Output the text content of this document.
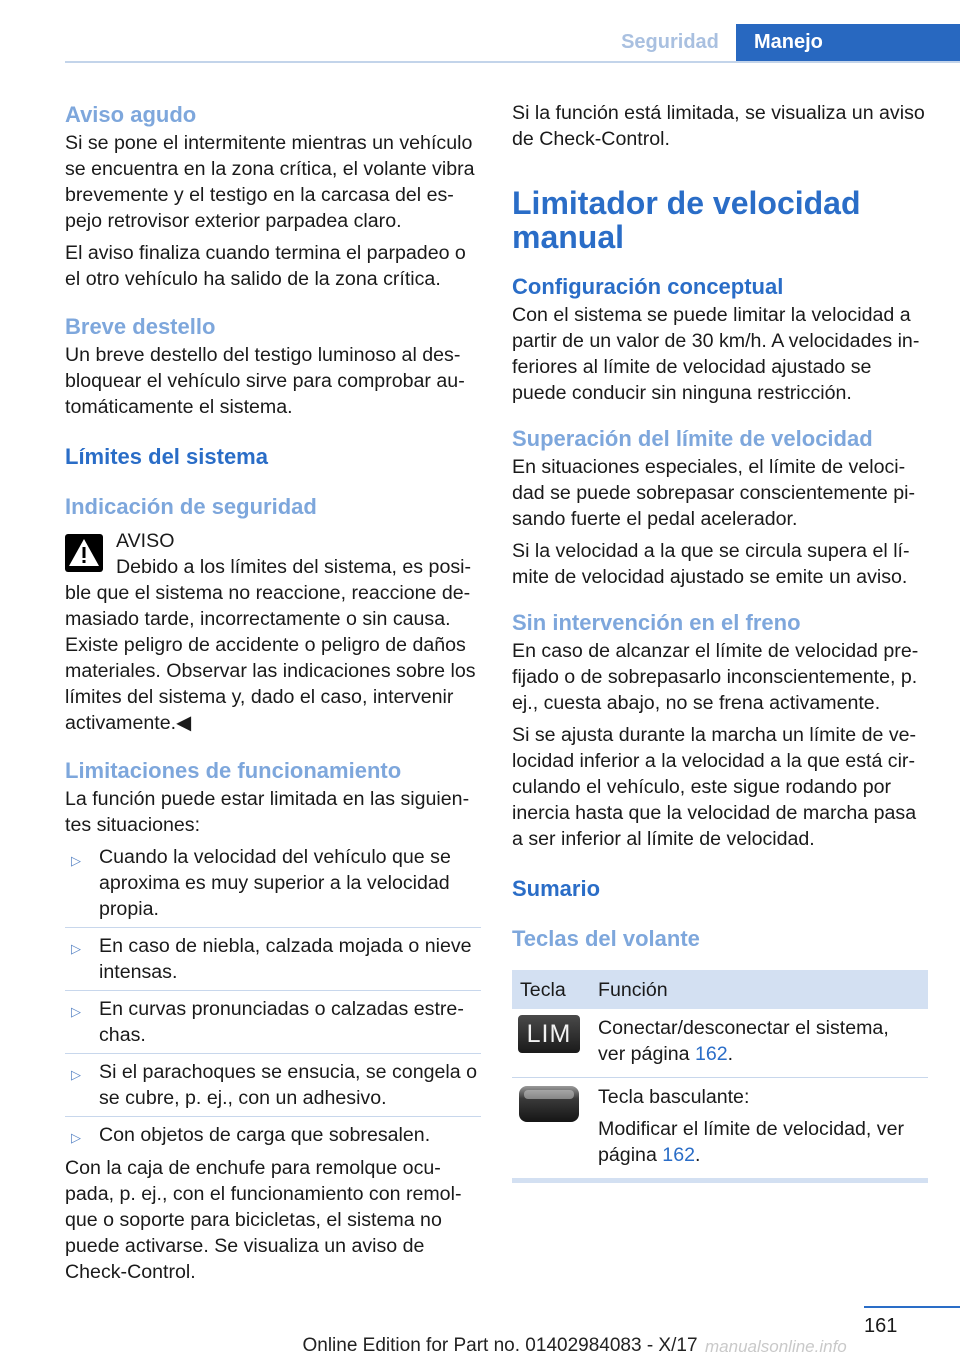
Seguridad	Manejo
Aviso agudo

Si se pone el intermitente mientras un vehículo se encuentra en la zona crítica, el volante vibra brevemente y el testigo en la carcasa del espejo retrovisor exterior parpadea claro.

El aviso finaliza cuando termina el parpadeo o el otro vehículo ha salido de la zona crítica.

Breve destello

Un breve destello del testigo luminoso al desbloquear el vehículo sirve para comprobar automáticamente el sistema.

Límites del sistema
Indicación de seguridad
AVISO

Debido a los límites del sistema, es posible que el sistema no reaccione, reaccione demasiado tarde, incorrectamente o sin causa. Existe peligro de accidente o peligro de daños materiales. Observar las indicaciones sobre los límites del sistema y, dado el caso, intervenir activamente.◀

Limitaciones de funcionamiento

La función puede estar limitada en las siguientes situaciones:

▷ Cuando la velocidad del vehículo que se aproxima es muy superior a la velocidad propia.
▷ En caso de niebla, calzada mojada o nieve intensas.
▷ En curvas pronunciadas o calzadas estrechas.
▷ Si el parachoques se ensucia, se congela o se cubre, p. ej., con un adhesivo.
▷ Con objetos de carga que sobresalen.

Con la caja de enchufe para remolque ocupada, p. ej., con el funcionamiento con remolque o soporte para bicicletas, el sistema no puede activarse. Se visualiza un aviso de Check-Control.

Si la función está limitada, se visualiza un aviso de Check-Control.

Limitador de velocidad manual
Configuración conceptual

Con el sistema se puede limitar la velocidad a partir de un valor de 30 km/h. A velocidades inferiores al límite de velocidad ajustado se puede conducir sin ninguna restricción.

Superación del límite de velocidad

En situaciones especiales, el límite de velocidad se puede sobrepasar conscientemente pisando fuerte el pedal acelerador.

Si la velocidad a la que se circula supera el límite de velocidad ajustado se emite un aviso.

Sin intervención en el freno

En caso de alcanzar el límite de velocidad prefijado o de sobrepasarlo inconscientemente, p. ej., cuesta abajo, no se frena activamente.

Si se ajusta durante la marcha un límite de velocidad inferior a la velocidad a la que está circulando el vehículo, este sigue rodando por inercia hasta que la velocidad de marcha pasa a ser inferior al límite de velocidad.

Sumario
Teclas del volante
Tecla	Función

LIM	Conectar/desconectar el sistema, ver página 162.

Tecla basculante:
Modificar el límite de velocidad, ver página 162.
161
Online Edition for Part no. 01402984083 - X/17 manualsonline.info
